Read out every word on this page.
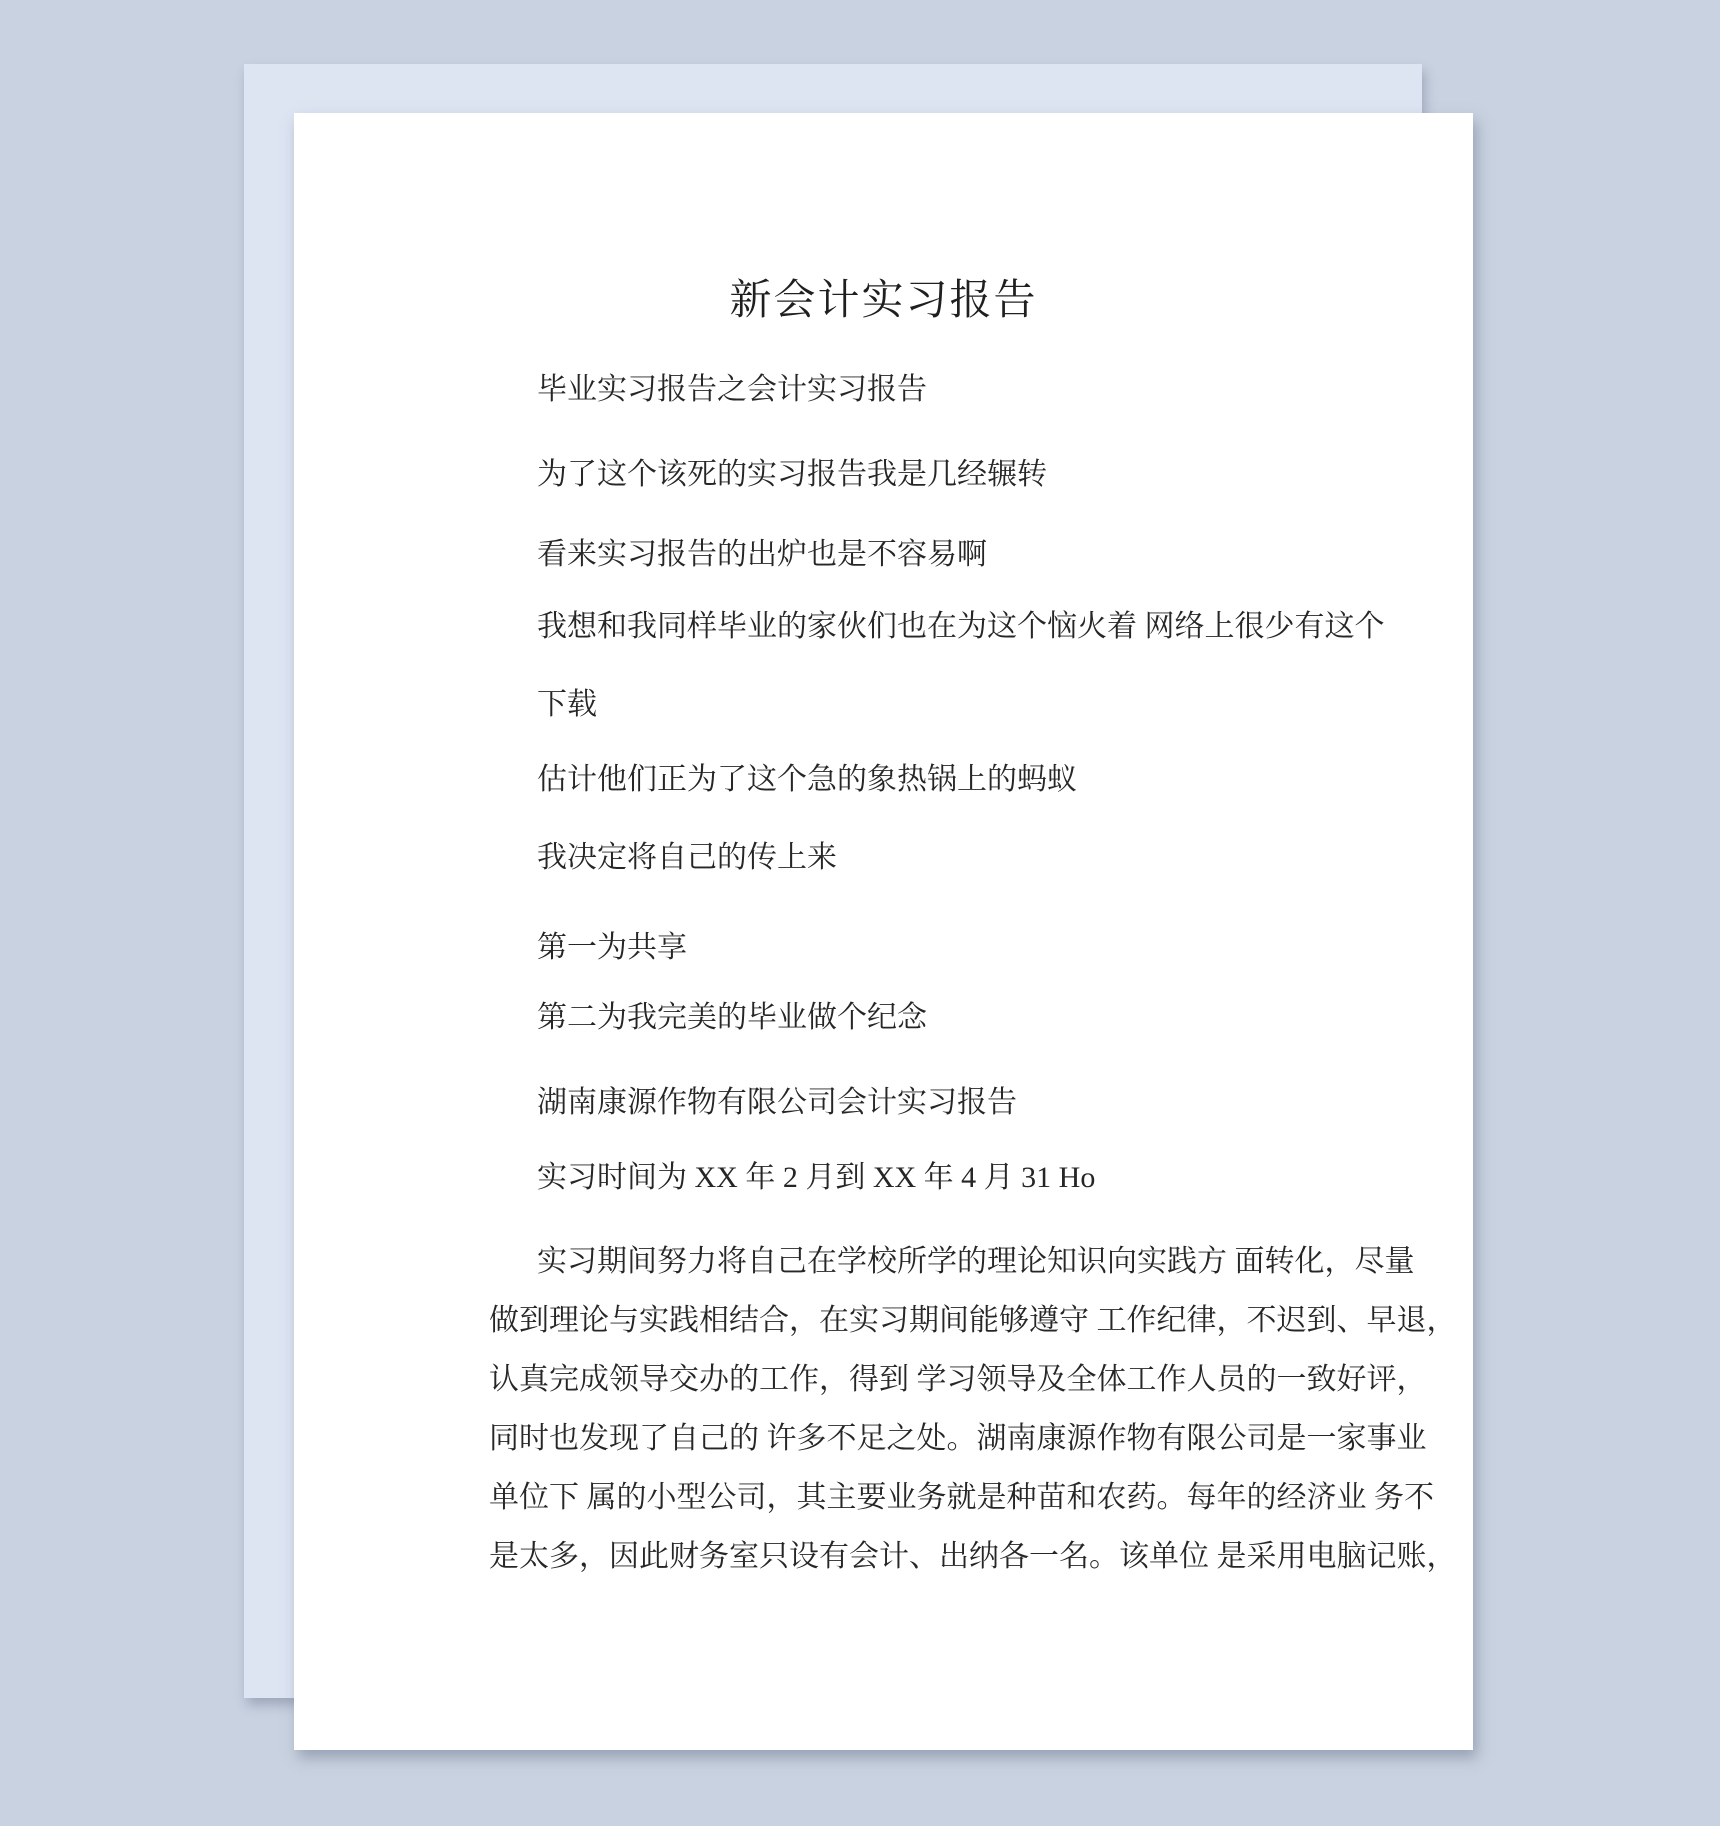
新会计实习报告
毕业实习报告之会计实习报告
为了这个该死的实习报告我是几经辗转
看来实习报告的出炉也是不容易啊
我想和我同样毕业的家伙们也在为这个恼火着 网络上很少有这个
下载
估计他们正为了这个急的象热锅上的蚂蚁
我决定将自己的传上来
第一为共享
第二为我完美的毕业做个纪念
湖南康源作物有限公司会计实习报告
实习时间为 XX 年 2 月到 XX 年 4 月 31 Ho
实习期间努力将自己在学校所学的理论知识向实践方 面转化，尽量
做到理论与实践相结合，在实习期间能够遵守 工作纪律，不迟到、早退，
认真完成领导交办的工作，得到 学习领导及全体工作人员的一致好评，
同时也发现了自己的 许多不足之处。湖南康源作物有限公司是一家事业
单位下 属的小型公司，其主要业务就是种苗和农药。每年的经济业 务不
是太多，因此财务室只设有会计、出纳各一名。该单位 是采用电脑记账，
